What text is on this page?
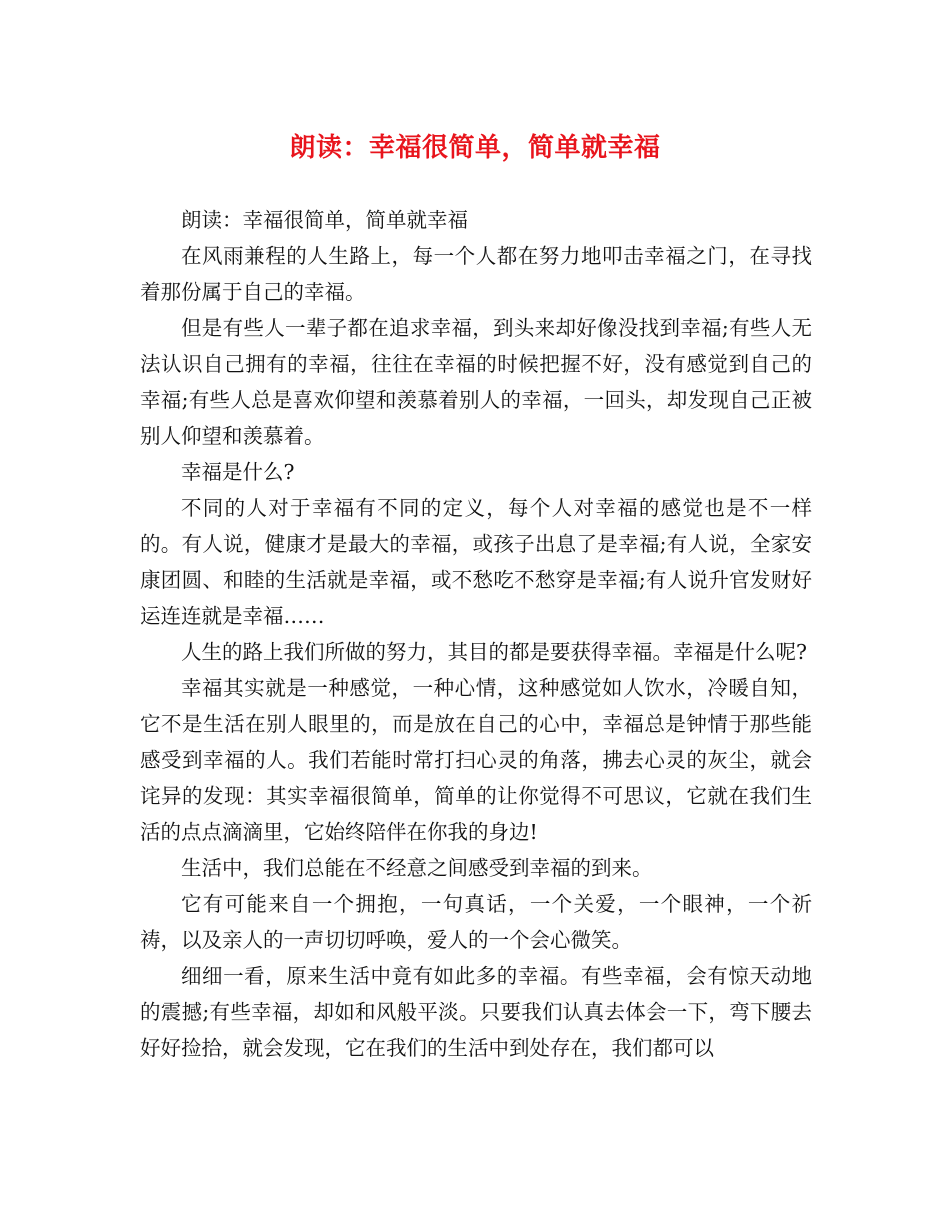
朗读：幸福很简单，简单就幸福

朗读：幸福很简单，简单就幸福

在风雨兼程的人生路上，每一个人都在努力地叩击幸福之门，在寻找着那份属于自己的幸福。

但是有些人一辈子都在追求幸福，到头来却好像没找到幸福;有些人无法认识自己拥有的幸福，往往在幸福的时候把握不好，没有感觉到自己的幸福;有些人总是喜欢仰望和羡慕着别人的幸福，一回头，却发现自己正被别人仰望和羡慕着。

幸福是什么?

不同的人对于幸福有不同的定义，每个人对幸福的感觉也是不一样的。有人说，健康才是最大的幸福，或孩子出息了是幸福;有人说，全家安康团圆、和睦的生活就是幸福，或不愁吃不愁穿是幸福;有人说升官发财好运连连就是幸福……

人生的路上我们所做的努力，其目的都是要获得幸福。幸福是什么呢?

幸福其实就是一种感觉，一种心情，这种感觉如人饮水，冷暖自知，它不是生活在别人眼里的，而是放在自己的心中，幸福总是钟情于那些能感受到幸福的人。我们若能时常打扫心灵的角落，拂去心灵的灰尘，就会诧异的发现：其实幸福很简单，简单的让你觉得不可思议，它就在我们生活的点点滴滴里，它始终陪伴在你我的身边!

生活中，我们总能在不经意之间感受到幸福的到来。

它有可能来自一个拥抱，一句真话，一个关爱，一个眼神，一个祈祷，以及亲人的一声切切呼唤，爱人的一个会心微笑。

细细一看，原来生活中竟有如此多的幸福。有些幸福，会有惊天动地的震撼;有些幸福，却如和风般平淡。只要我们认真去体会一下，弯下腰去好好捡拾，就会发现，它在我们的生活中到处存在，我们都可以
